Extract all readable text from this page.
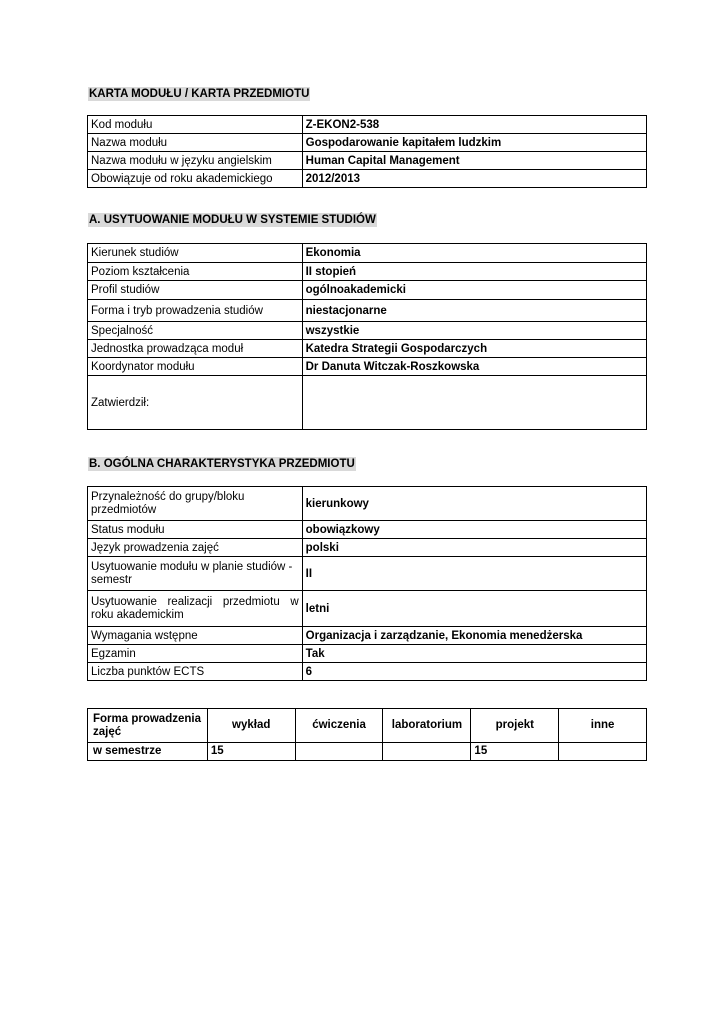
KARTA MODUŁU / KARTA PRZEDMIOTU
Kod modułu	Z-EKON2-538
Nazwa modułu	Gospodarowanie kapitałem ludzkim
Nazwa modułu w języku angielskim	Human Capital Management
Obowiązuje od roku akademickiego	2012/2013
A. USYTUOWANIE MODUŁU W SYSTEMIE STUDIÓW
Kierunek studiów	Ekonomia
Poziom kształcenia	II stopień
Profil studiów	ogólnoakademicki
Forma i tryb prowadzenia studiów	niestacjonarne
Specjalność	wszystkie
Jednostka prowadząca moduł	Katedra Strategii Gospodarczych
Koordynator modułu	Dr Danuta Witczak-Roszkowska
Zatwierdził:	
B. OGÓLNA CHARAKTERYSTYKA PRZEDMIOTU
Przynależność do grupy/bloku przedmiotów	kierunkowy
Status modułu	obowiązkowy
Język prowadzenia zajęć	polski
Usytuowanie modułu w planie studiów - semestr	II
Usytuowanie realizacji przedmiotu w roku akademickim	letni
Wymagania wstępne	Organizacja i zarządzanie, Ekonomia menedżerska
Egzamin	Tak
Liczba punktów ECTS	6
Forma prowadzenia zajęć	wykład	ćwiczenia	laboratorium	projekt	inne
w semestrze	15			15	
